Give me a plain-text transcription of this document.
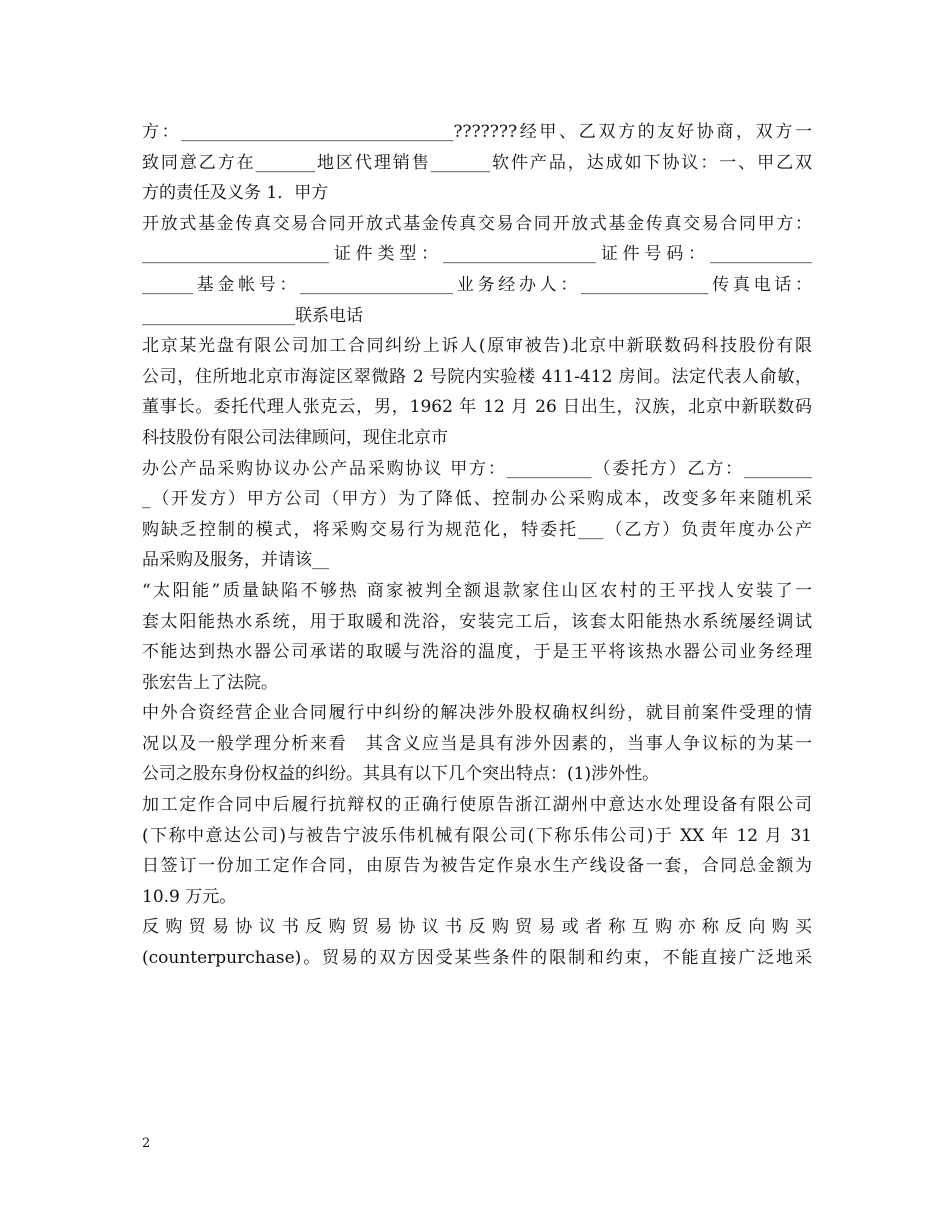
方：________________________________???????经甲、乙双方的友好协商，双方一
致同意乙方在_______地区代理销售_______软件产品，达成如下协议：一、甲乙双
方的责任及义务 1．甲方
开放式基金传真交易合同开放式基金传真交易合同开放式基金传真交易合同甲方：
______________________证件类型：__________________证件号码：____________
______基金帐号：__________________业务经办人：_______________传真电话：
__________________联系电话
北京某光盘有限公司加工合同纠纷上诉人(原审被告)北京中新联数码科技股份有限
公司，住所地北京市海淀区翠微路 2 号院内实验楼 411-412 房间。法定代表人俞敏，
董事长。委托代理人张克云，男，1962 年 12 月 26 日出生，汉族，北京中新联数码
科技股份有限公司法律顾问，现住北京市
办公产品采购协议办公产品采购协议 甲方：__________（委托方）乙方：________
_（开发方）甲方公司（甲方）为了降低、控制办公采购成本，改变多年来随机采
购缺乏控制的模式，将采购交易行为规范化，特委托___（乙方）负责年度办公产
品采购及服务，并请该__
“太阳能”质量缺陷不够热 商家被判全额退款家住山区农村的王平找人安装了一
套太阳能热水系统，用于取暖和洗浴，安装完工后，该套太阳能热水系统屡经调试
不能达到热水器公司承诺的取暖与洗浴的温度，于是王平将该热水器公司业务经理
张宏告上了法院。
中外合资经营企业合同履行中纠纷的解决涉外股权确权纠纷，就目前案件受理的情
况以及一般学理分析来看　其含义应当是具有涉外因素的，当事人争议标的为某一
公司之股东身份权益的纠纷。其具有以下几个突出特点：(1)涉外性。
加工定作合同中后履行抗辩权的正确行使原告浙江湖州中意达水处理设备有限公司
(下称中意达公司)与被告宁波乐伟机械有限公司(下称乐伟公司)于 XX 年 12 月 31
日签订一份加工定作合同，由原告为被告定作泉水生产线设备一套，合同总金额为
10.9 万元。
反购贸易协议书反购贸易协议书反购贸易或者称互购亦称反向购买
(counterpurchase)。贸易的双方因受某些条件的限制和约束，不能直接广泛地采
2
